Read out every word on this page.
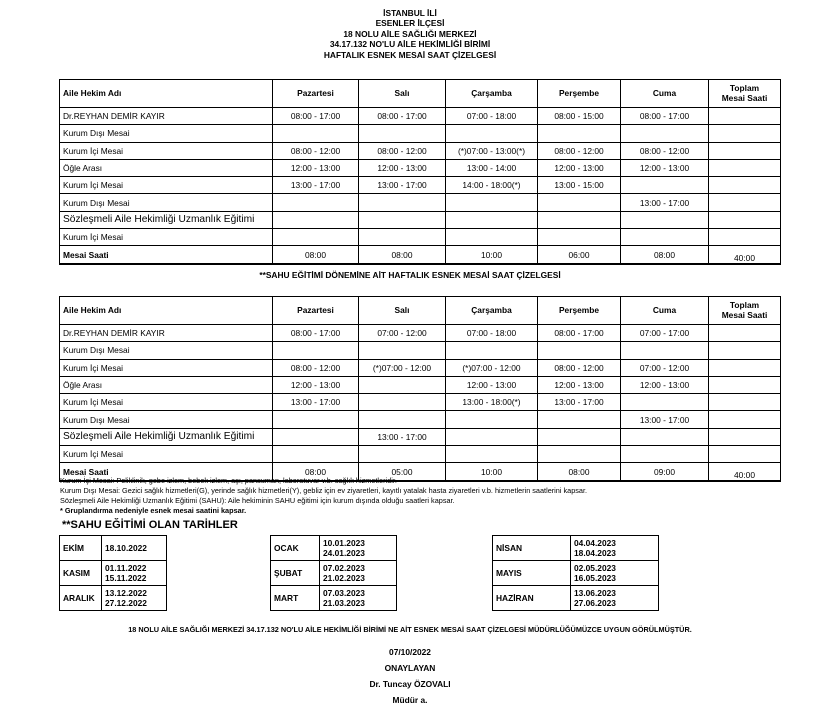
İSTANBUL İLİ
ESENLER İLÇESİ
18 NOLU AİLE SAĞLIĞI MERKEZİ
34.17.132 NO'LU AİLE HEKİMLİĞİ BİRİMİ
HAFTALIK ESNEK MESAİ SAAT ÇİZELGESİ
Aile Hekim Adı	Pazartesi	Salı	Çarşamba	Perşembe	Cuma	Toplam
Mesai Saati

Dr.REYHAN DEMİR KAYIR	08:00 - 17:00	08:00 - 17:00	07:00 - 18:00	08:00 - 15:00	08:00 - 17:00	
Kurum Dışı Mesai						
Kurum İçi Mesai	08:00 - 12:00	08:00 - 12:00	(*)07:00 - 13:00(*)	08:00 - 12:00	08:00 - 12:00	
Öğle Arası	12:00 - 13:00	12:00 - 13:00	13:00 - 14:00	12:00 - 13:00	12:00 - 13:00	
Kurum İçi Mesai	13:00 - 17:00	13:00 - 17:00	14:00 - 18:00(*)	13:00 - 15:00		
Kurum Dışı Mesai					13:00 - 17:00	
Sözleşmeli Aile Hekimliği Uzmanlık Eğitimi						
Kurum İçi Mesai						
Mesai Saati	08:00	08:00	10:00	06:00	08:00	40:00
**SAHU EĞİTİMİ DÖNEMİNE AİT HAFTALIK ESNEK MESAİ SAAT ÇİZELGESİ
Aile Hekim Adı	Pazartesi	Salı	Çarşamba	Perşembe	Cuma	Toplam
Mesai Saati

Dr.REYHAN DEMİR KAYIR	08:00 - 17:00	07:00 - 12:00	07:00 - 18:00	08:00 - 17:00	07:00 - 17:00	
Kurum Dışı Mesai						
Kurum İçi Mesai	08:00 - 12:00	(*)07:00 - 12:00	(*)07:00 - 12:00	08:00 - 12:00	07:00 - 12:00	
Öğle Arası	12:00 - 13:00		12:00 - 13:00	12:00 - 13:00	12:00 - 13:00	
Kurum İçi Mesai	13:00 - 17:00		13:00 - 18:00(*)	13:00 - 17:00		
Kurum Dışı Mesai					13:00 - 17:00	
Sözleşmeli Aile Hekimliği Uzmanlık Eğitimi		13:00 - 17:00				
Kurum İçi Mesai						
Mesai Saati	08:00	05:00	10:00	08:00	09:00	40:00
Kurum İçi Mesai: Poliklinik, gebe izlem, bebek izlem, aşı, pansuman, laboratuvar v.b. sağlık hizmetleridir.
Kurum Dışı Mesai: Gezici sağlık hizmetleri(G), yerinde sağlık hizmetleri(Y), gebliz için ev ziyaretleri, kayıtlı yatalak hasta ziyaretleri v.b. hizmetlerin saatlerini kapsar.
Sözleşmeli Aile Hekimliği Uzmanlık Eğitimi (SAHU): Aile hekiminin SAHU eğitimi için kurum dışında olduğu saatleri kapsar.
* Gruplandırma nedeniyle esnek mesai saatini kapsar.
**SAHU EĞİTİMİ OLAN TARİHLER
EKİM	18.10.2022

KASIM	01.11.2022
15.11.2022

ARALIK	13.12.2022
27.12.2022
OCAK	10.01.2023
24.01.2023

ŞUBAT	07.02.2023
21.02.2023

MART	07.03.2023
21.03.2023
NİSAN	04.04.2023
18.04.2023

MAYIS	02.05.2023
16.05.2023

HAZİRAN	13.06.2023
27.06.2023
18 NOLU AİLE SAĞLIĞI MERKEZİ 34.17.132 NO'LU AİLE HEKİMLİĞİ BİRİMİ NE AİT ESNEK MESAİ SAAT ÇİZELGESİ MÜDÜRLÜĞÜMÜZCE UYGUN GÖRÜLMÜŞTÜR.
07/10/2022
ONAYLAYAN
Dr. Tuncay ÖZOVALI
Müdür a.
